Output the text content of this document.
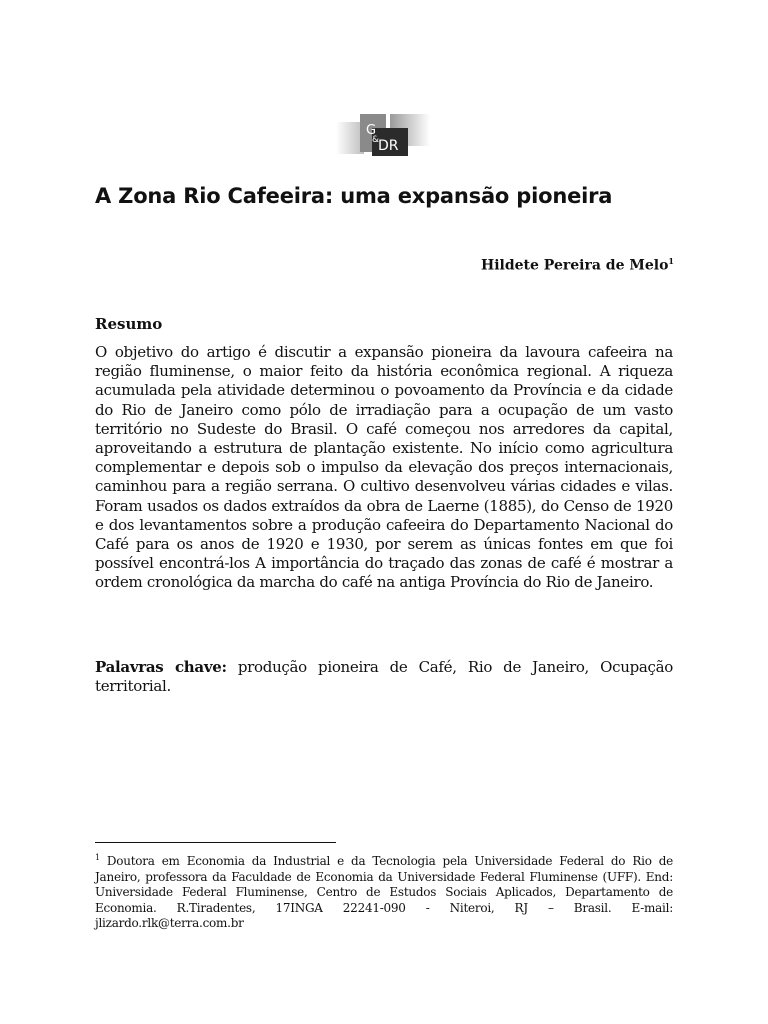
G
&
DR
A Zona Rio Cafeeira: uma expansão pioneira
Hildete Pereira de Melo$^1$
Resumo

O objetivo do artigo é discutir a expansão pioneira da lavoura cafeeira na região fluminense, o maior feito da história econômica regional. A riqueza acumulada pela atividade determinou o povoamento da Província e da cidade do Rio de Janeiro como pólo de irradiação para a ocupação de um vasto território no Sudeste do Brasil. O café começou nos arredores da capital, aproveitando a estrutura de plantação existente. No início como agricultura complementar e depois sob o impulso da elevação dos preços internacionais, caminhou para a região serrana. O cultivo desenvolveu várias cidades e vilas. Foram usados os dados extraídos da obra de Laerne (1885), do Censo de 1920 e dos levantamentos sobre a produção cafeeira do Departamento Nacional do Café para os anos de 1920 e 1930, por serem as únicas fontes em que foi possível encontrá-los A importância do traçado das zonas de café é mostrar a ordem cronológica da marcha do café na antiga Província do Rio de Janeiro.

Palavras chave: produção pioneira de Café, Rio de Janeiro, Ocupação territorial.

$^1$ Doutora em Economia da Industrial e da Tecnologia pela Universidade Federal do Rio de Janeiro, professora da Faculdade de Economia da Universidade Federal Fluminense (UFF). End: Universidade Federal Fluminense, Centro de Estudos Sociais Aplicados, Departamento de Economia. R.Tiradentes, 17INGA 22241-090 - Niteroi, RJ – Brasil. E-mail: jlizardo.rlk@terra.com.br
